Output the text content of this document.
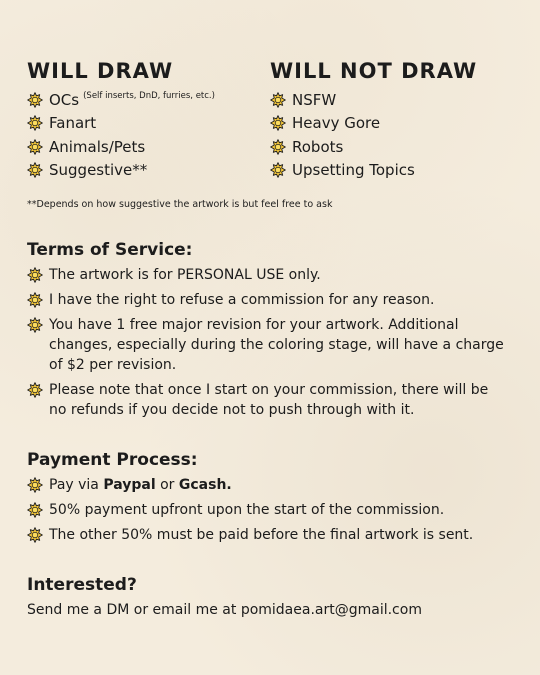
WILL DRAW
OCs (Self inserts, DnD, furries, etc.)
Fanart
Animals/Pets
Suggestive**
WILL NOT DRAW
NSFW
Heavy Gore
Robots
Upsetting Topics
**Depends on how suggestive the artwork is but feel free to ask
Terms of Service:
The artwork is for PERSONAL USE only.
I have the right to refuse a commission for any reason.
You have 1 free major revision for your artwork. Additional changes, especially during the coloring stage, will have a charge of $2 per revision.
Please note that once I start on your commission, there will be no refunds if you decide not to push through with it.
Payment Process:
Pay via Paypal or Gcash.
50% payment upfront upon the start of the commission.
The other 50% must be paid before the final artwork is sent.
Interested?
Send me a DM or email me at pomidaea.art@gmail.com
